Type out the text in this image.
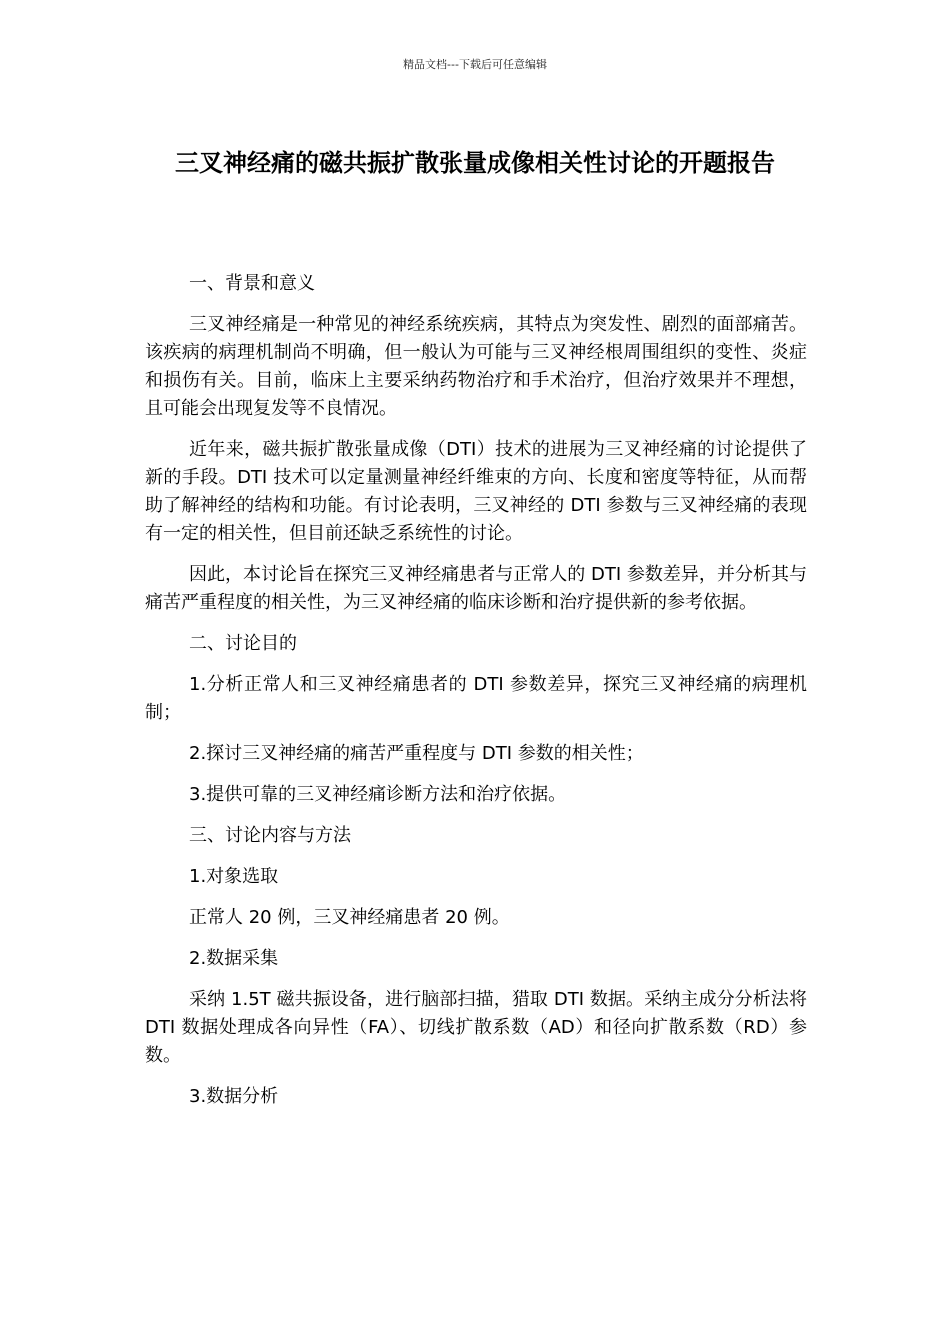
精品文档---下载后可任意编辑
三叉神经痛的磁共振扩散张量成像相关性讨论的开题报告

一、背景和意义

三叉神经痛是一种常见的神经系统疾病，其特点为突发性、剧烈的面部痛苦。该疾病的病理机制尚不明确，但一般认为可能与三叉神经根周围组织的变性、炎症和损伤有关。目前，临床上主要采纳药物治疗和手术治疗，但治疗效果并不理想，且可能会出现复发等不良情况。

近年来，磁共振扩散张量成像（DTI）技术的进展为三叉神经痛的讨论提供了新的手段。DTI 技术可以定量测量神经纤维束的方向、长度和密度等特征，从而帮助了解神经的结构和功能。有讨论表明，三叉神经的 DTI 参数与三叉神经痛的表现有一定的相关性，但目前还缺乏系统性的讨论。

因此，本讨论旨在探究三叉神经痛患者与正常人的 DTI 参数差异，并分析其与痛苦严重程度的相关性，为三叉神经痛的临床诊断和治疗提供新的参考依据。

二、讨论目的

1.分析正常人和三叉神经痛患者的 DTI 参数差异，探究三叉神经痛的病理机制；

2.探讨三叉神经痛的痛苦严重程度与 DTI 参数的相关性；

3.提供可靠的三叉神经痛诊断方法和治疗依据。

三、讨论内容与方法

1.对象选取

正常人 20 例，三叉神经痛患者 20 例。

2.数据采集

采纳 1.5T 磁共振设备，进行脑部扫描，猎取 DTI 数据。采纳主成分分析法将 DTI 数据处理成各向异性（FA）、切线扩散系数（AD）和径向扩散系数（RD）参数。

3.数据分析
